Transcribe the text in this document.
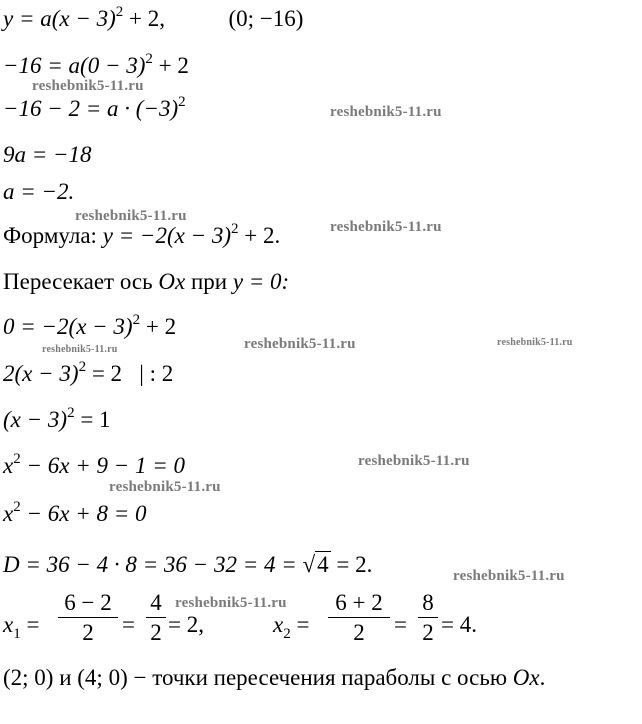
$y = a(x - 3)^2 + 2$,	(0; −16)
$-16 = a(0 - 3)^2 + 2$
$-16 - 2 = a \cdot (-3)^2$
9a = −18
a = −2.
Формула: $y = -2(x - 3)^2 + 2$.
Пересекает ось Ox при y = 0:
$0 = -2(x - 3)^2 + 2$
$2(x - 3)^2 = 2$   | : 2
$(x - 3)^2 = 1$
$x^2 - 6x + 9 - 1 = 0$
$x^2 - 6x + 8 = 0$
D = 36 − 4 · 8 = 36 − 32 = 4 = √4 = 2.
$x_1$ =
6 − 2
2	=
4
2 = 2,	$x_2$ =
6 + 2
2	=
8
2 = 4.
(2; 0) и (4; 0) − точки пересечения параболы с осью Ox.
reshebnik5-11.ru
reshebnik5-11.ru
reshebnik5-11.ru
reshebnik5-11.ru
reshebnik5-11.ru	reshebnik5-11.ru	reshebnik5-11.ru
reshebnik5-11.ru
reshebnik5-11.ru
reshebnik5-11.ru
reshebnik5-11.ru
